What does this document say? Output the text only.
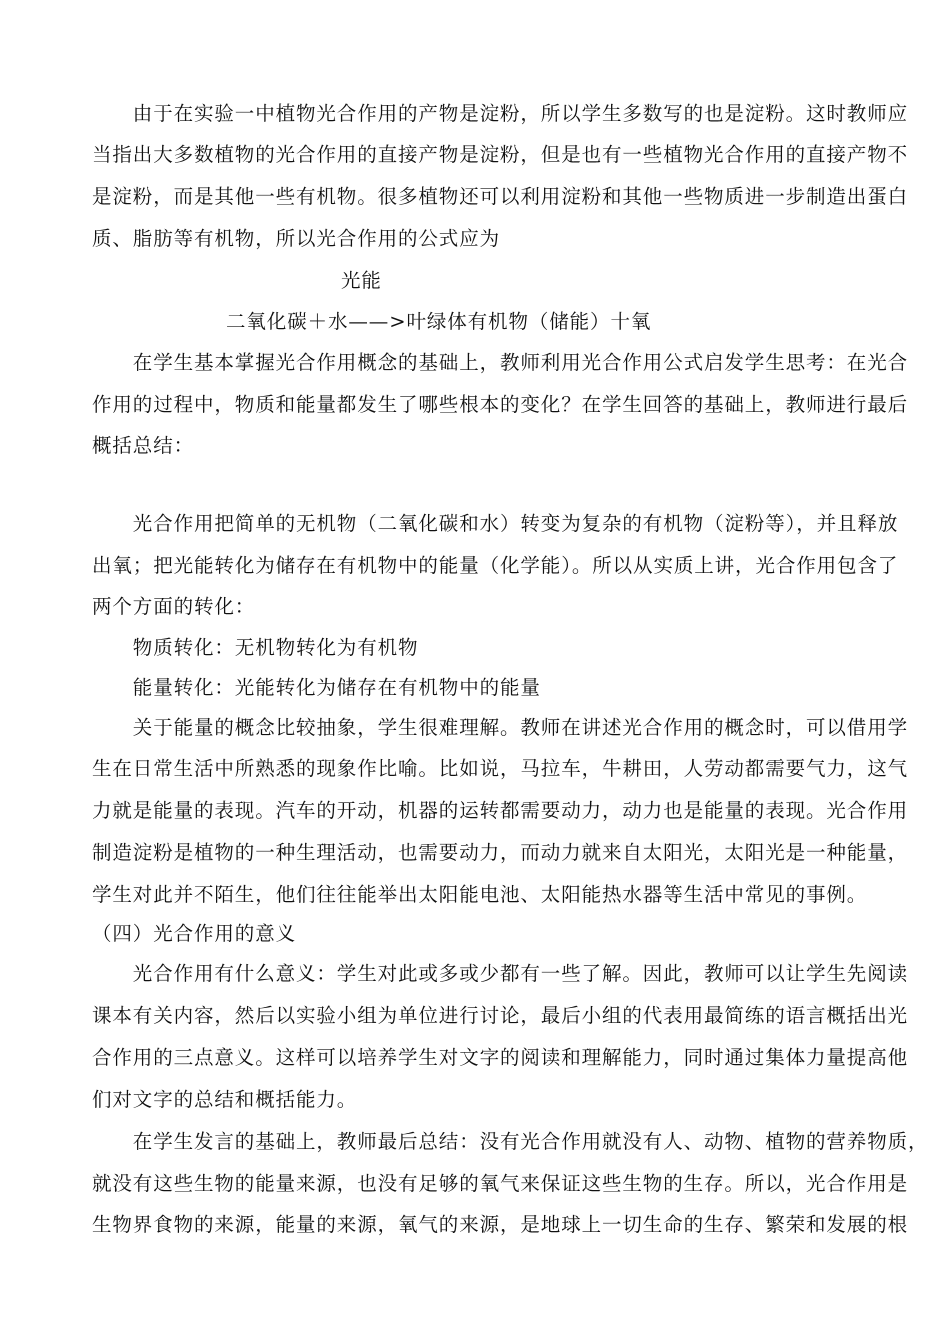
　　由于在实验一中植物光合作用的产物是淀粉，所以学生多数写的也是淀粉。这时教师应
当指出大多数植物的光合作用的直接产物是淀粉，但是也有一些植物光合作用的直接产物不
是淀粉，而是其他一些有机物。很多植物还可以利用淀粉和其他一些物质进一步制造出蛋白
质、脂肪等有机物，所以光合作用的公式应为
光能
二氧化碳＋水——>叶绿体有机物（储能）十氧
　　在学生基本掌握光合作用概念的基础上，教师利用光合作用公式启发学生思考：在光合
作用的过程中，物质和能量都发生了哪些根本的变化？在学生回答的基础上，教师进行最后
概括总结：
　　光合作用把简单的无机物（二氧化碳和水）转变为复杂的有机物（淀粉等），并且释放
出氧；把光能转化为储存在有机物中的能量（化学能）。所以从实质上讲，光合作用包含了
两个方面的转化：
　　物质转化：无机物转化为有机物
　　能量转化：光能转化为储存在有机物中的能量
　　关于能量的概念比较抽象，学生很难理解。教师在讲述光合作用的概念时，可以借用学
生在日常生活中所熟悉的现象作比喻。比如说，马拉车，牛耕田，人劳动都需要气力，这气
力就是能量的表现。汽车的开动，机器的运转都需要动力，动力也是能量的表现。光合作用
制造淀粉是植物的一种生理活动，也需要动力，而动力就来自太阳光，太阳光是一种能量，
学生对此并不陌生，他们往往能举出太阳能电池、太阳能热水器等生活中常见的事例。
（四）光合作用的意义
　　光合作用有什么意义：学生对此或多或少都有一些了解。因此，教师可以让学生先阅读
课本有关内容，然后以实验小组为单位进行讨论，最后小组的代表用最简练的语言概括出光
合作用的三点意义。这样可以培养学生对文字的阅读和理解能力，同时通过集体力量提高他
们对文字的总结和概括能力。
　　在学生发言的基础上，教师最后总结：没有光合作用就没有人、动物、植物的营养物质，
就没有这些生物的能量来源，也没有足够的氧气来保证这些生物的生存。所以，光合作用是
生物界食物的来源，能量的来源，氧气的来源，是地球上一切生命的生存、繁荣和发展的根
